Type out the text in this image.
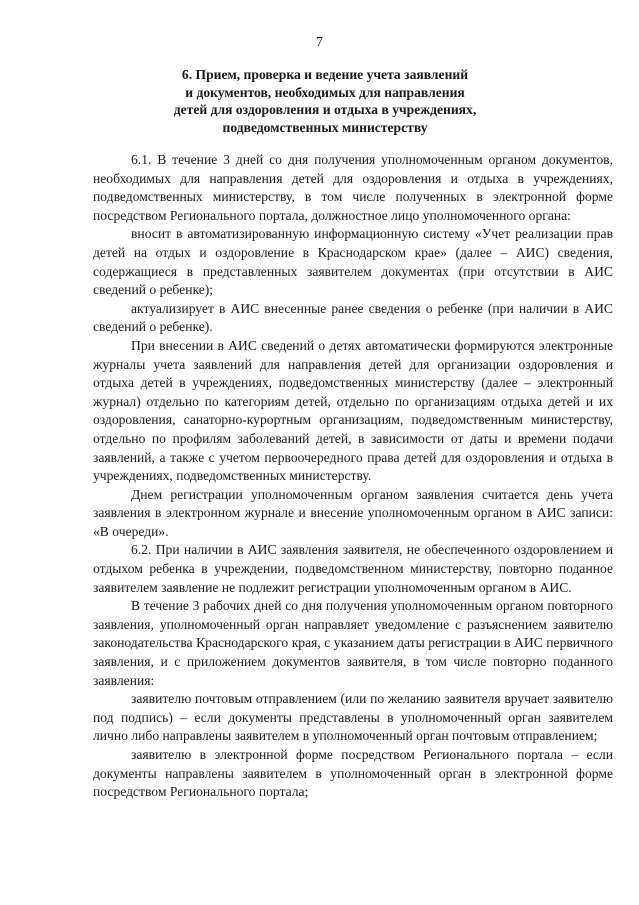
7
6. Прием, проверка и ведение учета заявлений
и документов, необходимых для направления
детей для оздоровления и отдыха в учреждениях,
подведомственных министерству

6.1. В течение 3 дней со дня получения уполномоченным органом документов, необходимых для направления детей для оздоровления и отдыха в учреждениях, подведомственных министерству, в том числе полученных в электронной форме посредством Регионального портала, должностное лицо уполномоченного органа:

вносит в автоматизированную информационную систему «Учет реализации прав детей на отдых и оздоровление в Краснодарском крае» (далее – АИС) сведения, содержащиеся в представленных заявителем документах (при отсутствии в АИС сведений о ребенке);

актуализирует в АИС внесенные ранее сведения о ребенке (при наличии в АИС сведений о ребенке).

При внесении в АИС сведений о детях автоматически формируются электронные журналы учета заявлений для направления детей для организации оздоровления и отдыха детей в учреждениях, подведомственных министерству (далее – электронный журнал) отдельно по категориям детей, отдельно по организациям отдыха детей и их оздоровления, санаторно-курортным организациям, подведомственным министерству, отдельно по профилям заболеваний детей, в зависимости от даты и времени подачи заявлений, а также с учетом первоочередного права детей для оздоровления и отдыха в учреждениях, подведомственных министерству.

Днем регистрации уполномоченным органом заявления считается день учета заявления в электронном журнале и внесение уполномоченным органом в АИС записи: «В очереди».

6.2. При наличии в АИС заявления заявителя, не обеспеченного оздоровлением и отдыхом ребенка в учреждении, подведомственном министерству, повторно поданное заявителем заявление не подлежит регистрации уполномоченным органом в АИС.

В течение 3 рабочих дней со дня получения уполномоченным органом повторного заявления, уполномоченный орган направляет уведомление с разъяснением заявителю законодательства Краснодарского края, с указанием даты регистрации в АИС первичного заявления, и с приложением документов заявителя, в том числе повторно поданного заявления:

заявителю почтовым отправлением (или по желанию заявителя вручает заявителю под подпись) – если документы представлены в уполномоченный орган заявителем лично либо направлены заявителем в уполномоченный орган почтовым отправлением;

заявителю в электронной форме посредством Регионального портала – если документы направлены заявителем в уполномоченный орган в электронной форме посредством Регионального портала;
